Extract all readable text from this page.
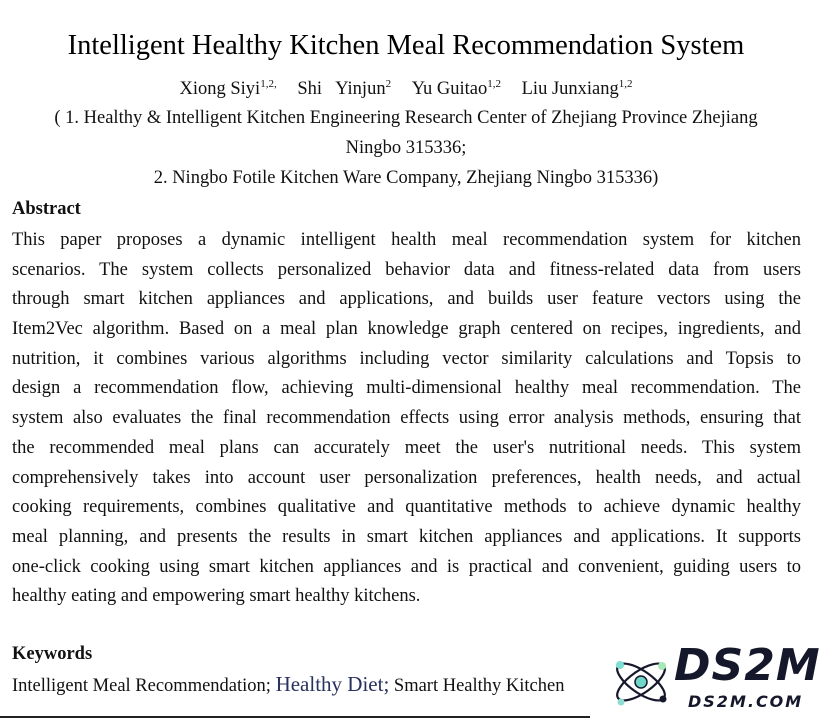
Intelligent Healthy Kitchen Meal Recommendation System
Xiong Siyi$^{1,2,}$ Shi   Yinjun$^2$ Yu Guitao$^{1,2}$ Liu Junxiang$^{1,2}$
( 1. Healthy & Intelligent Kitchen Engineering Research Center of Zhejiang Province Zhejiang
Ningbo 315336;
2. Ningbo Fotile Kitchen Ware Company, Zhejiang Ningbo 315336)
Abstract
This paper proposes a dynamic intelligent health meal recommendation system for kitchen
scenarios. The system collects personalized behavior data and fitness-related data from users
through smart kitchen appliances and applications, and builds user feature vectors using the
Item2Vec algorithm. Based on a meal plan knowledge graph centered on recipes, ingredients, and
nutrition, it combines various algorithms including vector similarity calculations and Topsis to
design a recommendation flow, achieving multi-dimensional healthy meal recommendation. The
system also evaluates the final recommendation effects using error analysis methods, ensuring that
the recommended meal plans can accurately meet the user's nutritional needs. This system
comprehensively takes into account user personalization preferences, health needs, and actual
cooking requirements, combines qualitative and quantitative methods to achieve dynamic healthy
meal planning, and presents the results in smart kitchen appliances and applications. It supports
one-click cooking using smart kitchen appliances and is practical and convenient, guiding users to
healthy eating and empowering smart healthy kitchens.
Keywords
Intelligent Meal Recommendation; Healthy Diet; Smart Healthy Kitchen	DS2M
DS2M.COM
